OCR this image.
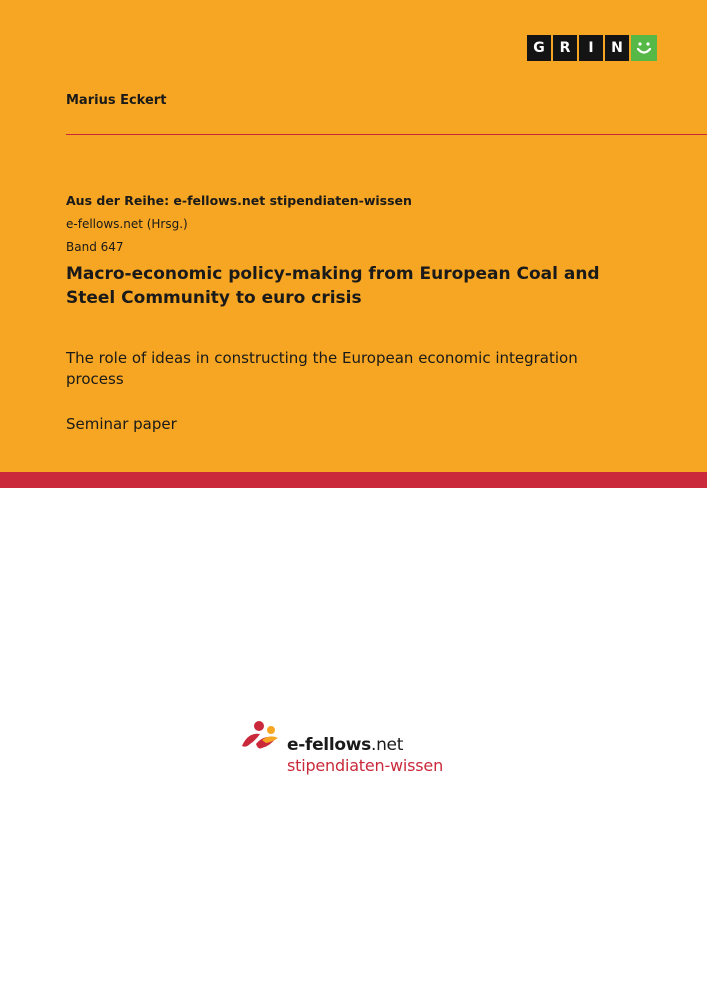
G	R	I	N
Marius Eckert
Aus der Reihe: e-fellows.net stipendiaten-wissen
e-fellows.net (Hrsg.)
Band 647
Macro-economic policy-making from European Coal and Steel Community to euro crisis
The role of ideas in constructing the European economic integration process
Seminar paper
e-fellows.net
stipendiaten-wissen
